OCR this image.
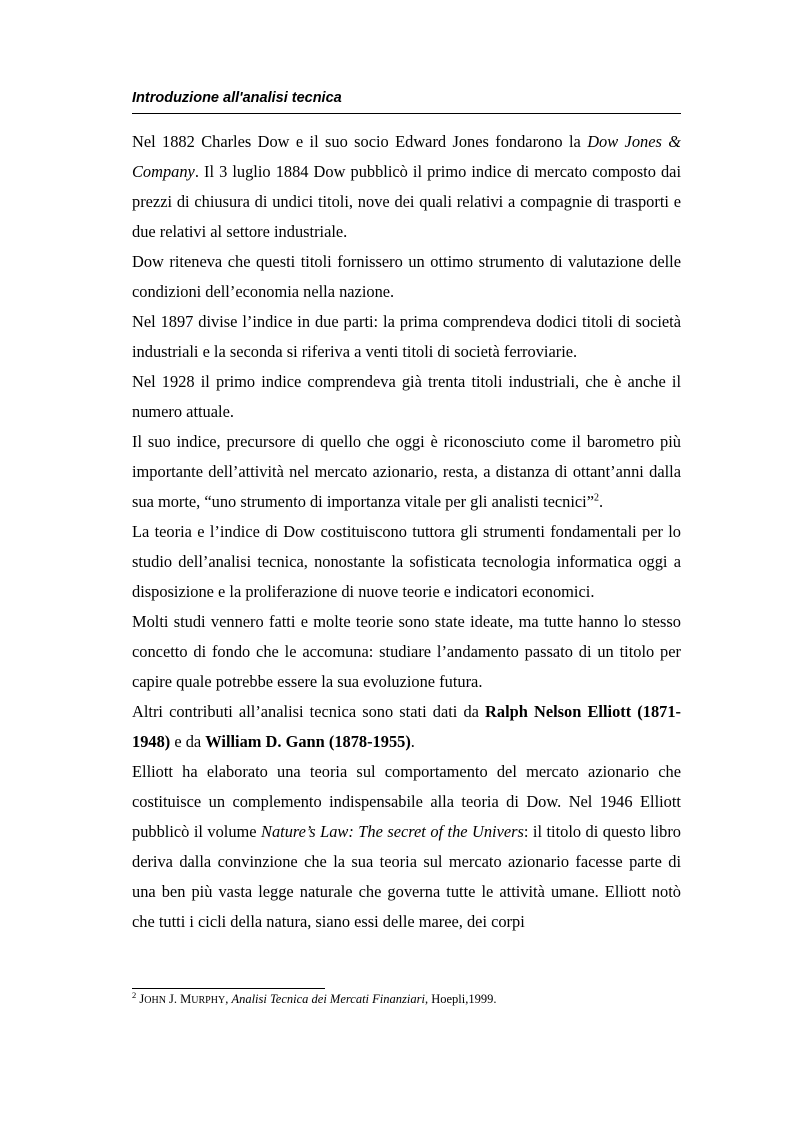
Introduzione all'analisi tecnica

Nel 1882 Charles Dow e il suo socio Edward Jones fondarono la Dow Jones & Company. Il 3 luglio 1884 Dow pubblicò il primo indice di mercato composto dai prezzi di chiusura di undici titoli, nove dei quali relativi a compagnie di trasporti e due relativi al settore industriale.

Dow riteneva che questi titoli fornissero un ottimo strumento di valutazione delle condizioni dell’economia nella nazione.

Nel 1897 divise l’indice in due parti: la prima comprendeva dodici titoli di società industriali e la seconda si riferiva a venti titoli di società ferroviarie.

Nel 1928 il primo indice comprendeva già trenta titoli industriali, che è anche il numero attuale.

Il suo indice, precursore di quello che oggi è riconosciuto come il barometro più importante dell’attività nel mercato azionario, resta, a distanza di ottant’anni dalla sua morte, “uno strumento di importanza vitale per gli analisti tecnici”$^2$.

La teoria e l’indice di Dow costituiscono tuttora gli strumenti fondamentali per lo studio dell’analisi tecnica, nonostante la sofisticata tecnologia informatica oggi a disposizione e la proliferazione di nuove teorie e indicatori economici.

Molti studi vennero fatti e molte teorie sono state ideate, ma tutte hanno lo stesso concetto di fondo che le accomuna: studiare l’andamento passato di un titolo per capire quale potrebbe essere la sua evoluzione futura.

Altri contributi all’analisi tecnica sono stati dati da Ralph Nelson Elliott (1871-1948) e da William D. Gann (1878-1955).

Elliott ha elaborato una teoria sul comportamento del mercato azionario che costituisce un complemento indispensabile alla teoria di Dow. Nel 1946 Elliott pubblicò il volume Nature’s Law: The secret of the Univers: il titolo di questo libro deriva dalla convinzione che la sua teoria sul mercato azionario facesse parte di una ben più vasta legge naturale che governa tutte le attività umane. Elliott notò che tutti i cicli della natura, siano essi delle maree, dei corpi

$^2$ JOHN J. MURPHY, Analisi Tecnica dei Mercati Finanziari, Hoepli,1999.
